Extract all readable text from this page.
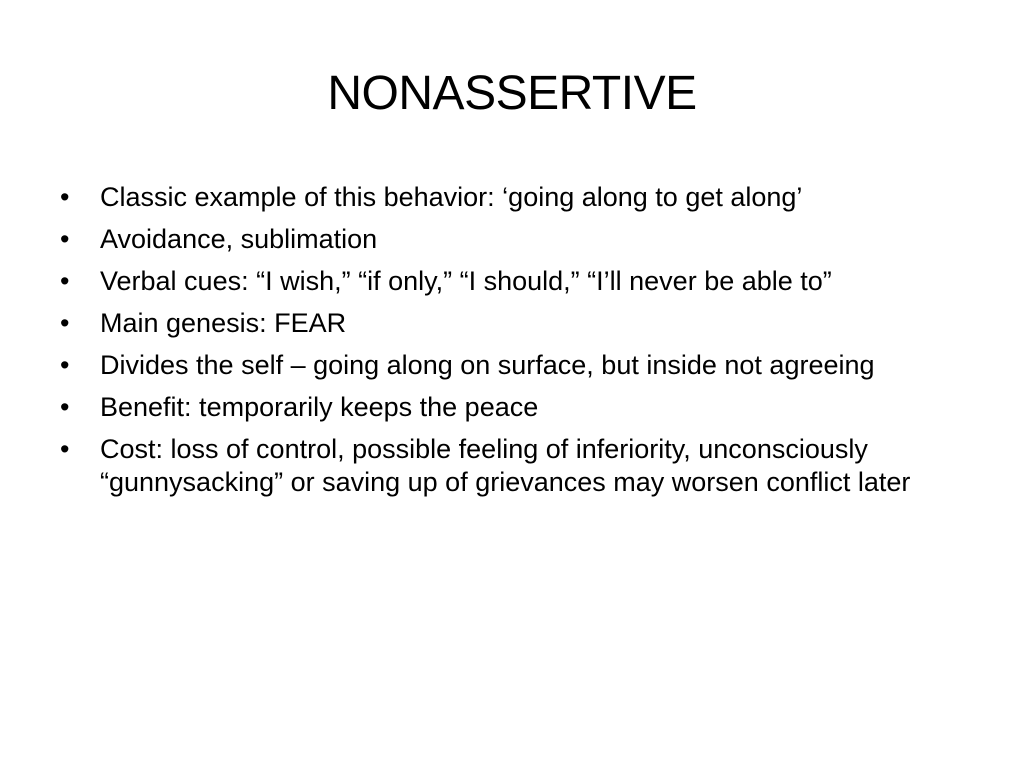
NONASSERTIVE
• Classic example of this behavior: ‘going along to get along’
• Avoidance, sublimation
• Verbal cues: “I wish,” “if only,” “I should,” “I’ll never be able to”
• Main genesis: FEAR
• Divides the self – going along on surface, but inside not agreeing
• Benefit: temporarily keeps the peace
• Cost: loss of control, possible feeling of inferiority, unconsciously “gunnysacking” or saving up of grievances may worsen conflict later
